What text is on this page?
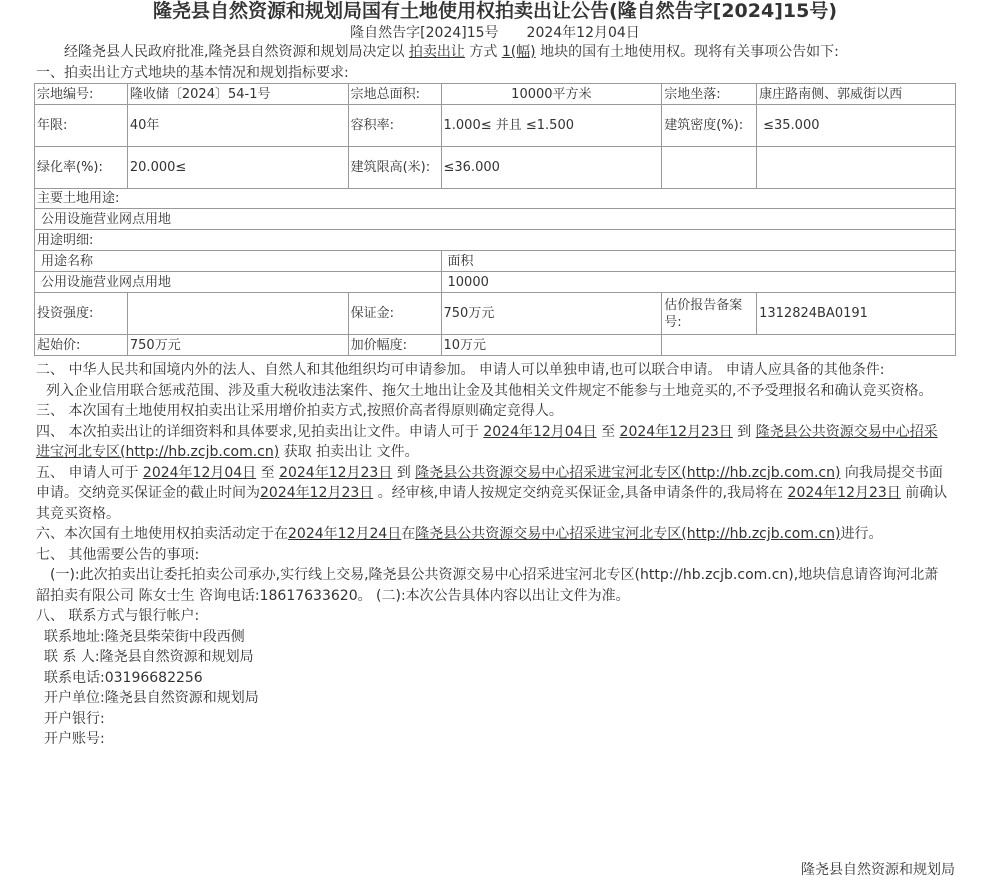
隆尧县自然资源和规划局国有土地使用权拍卖出让公告(隆自然告字[2024]15号)
隆自然告字[2024]15号 2024年12月04日

经隆尧县人民政府批准,隆尧县自然资源和规划局决定以 拍卖出让 方式 1(幅) 地块的国有土地使用权。现将有关事项公告如下:

一、拍卖出让方式地块的基本情况和规划指标要求:

宗地编号:	隆收储〔2024〕54-1号	宗地总面积:	10000平方米	宗地坐落:	康庄路南侧、郭威街以西
年限:	40年	容积率:	1.000≤ 并且 ≤1.500	建筑密度(%):	≤35.000
绿化率(%):	20.000≤	建筑限高(米):	≤36.000		
主要土地用途:					
公用设施营业网点用地					
用途明细:					
用途名称			面积		
公用设施营业网点用地			10000		
投资强度:		保证金:	750万元	估价报告备案号:	1312824BA0191
起始价:	750万元	加价幅度:	10万元		

二、 中华人民共和国境内外的法人、自然人和其他组织均可申请参加。 申请人可以单独申请,也可以联合申请。 申请人应具备的其他条件:

列入企业信用联合惩戒范围、涉及重大税收违法案件、拖欠土地出让金及其他相关文件规定不能参与土地竞买的,不予受理报名和确认竞买资格。

三、 本次国有土地使用权拍卖出让采用增价拍卖方式,按照价高者得原则确定竞得人。

四、 本次拍卖出让的详细资料和具体要求,见拍卖出让文件。申请人可于 2024年12月04日 至 2024年12月23日 到 隆尧县公共资源交易中心招采进宝河北专区(http://hb.zcjb.com.cn) 获取 拍卖出让 文件。

五、 申请人可于 2024年12月04日 至 2024年12月23日 到 隆尧县公共资源交易中心招采进宝河北专区(http://hb.zcjb.com.cn) 向我局提交书面申请。交纳竞买保证金的截止时间为2024年12月23日 。经审核,申请人按规定交纳竞买保证金,具备申请条件的,我局将在 2024年12月23日 前确认其竞买资格。

六、本次国有土地使用权拍卖活动定于在2024年12月24日在隆尧县公共资源交易中心招采进宝河北专区(http://hb.zcjb.com.cn)进行。

七、 其他需要公告的事项:

(一):此次拍卖出让委托拍卖公司承办,实行线上交易,隆尧县公共资源交易中心招采进宝河北专区(http://hb.zcjb.com.cn),地块信息请咨询河北萧韶拍卖有限公司 陈女士生 咨询电话:18617633620。 (二):本次公告具体内容以出让文件为准。

八、 联系方式与银行帐户:

联系地址:隆尧县柴荣街中段西侧

联 系 人:隆尧县自然资源和规划局

联系电话:03196682256

开户单位:隆尧县自然资源和规划局

开户银行:

开户账号:

隆尧县自然资源和规划局
